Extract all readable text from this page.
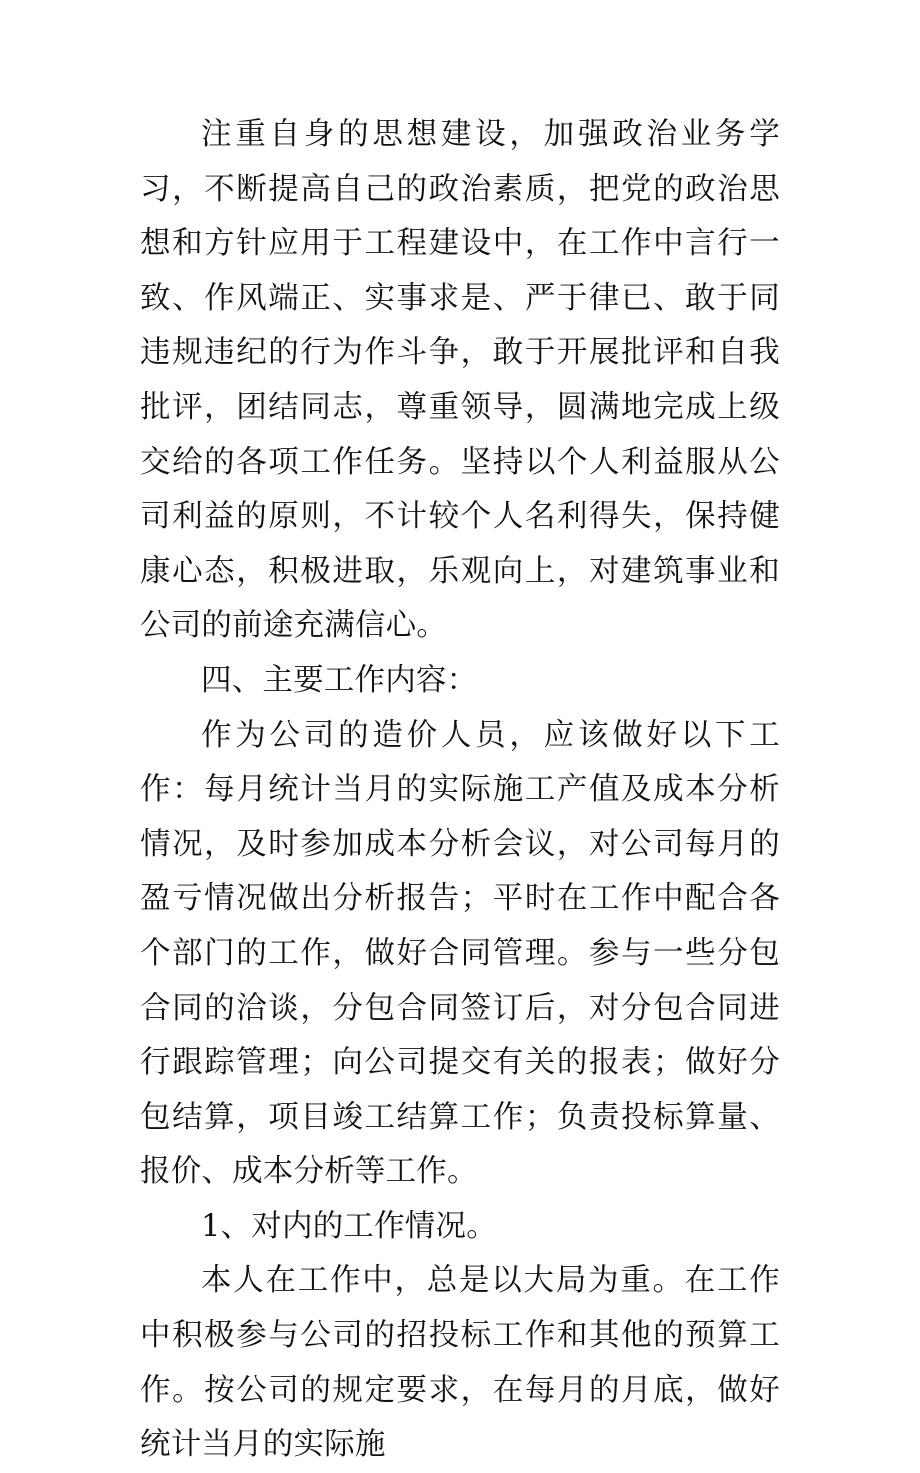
注重自身的思想建设，加强政治业务学习，不断提高自己的政治素质，把党的政治思想和方针应用于工程建设中，在工作中言行一致、作风端正、实事求是、严于律已、敢于同违规违纪的行为作斗争，敢于开展批评和自我批评，团结同志，尊重领导，圆满地完成上级交给的各项工作任务。坚持以个人利益服从公司利益的原则，不计较个人名利得失，保持健康心态，积极进取，乐观向上，对建筑事业和公司的前途充满信心。

四、主要工作内容：

作为公司的造价人员，应该做好以下工作：每月统计当月的实际施工产值及成本分析情况，及时参加成本分析会议，对公司每月的盈亏情况做出分析报告；平时在工作中配合各个部门的工作，做好合同管理。参与一些分包合同的洽谈，分包合同签订后，对分包合同进行跟踪管理；向公司提交有关的报表；做好分包结算，项目竣工结算工作；负责投标算量、报价、成本分析等工作。

1、对内的工作情况。

本人在工作中，总是以大局为重。在工作中积极参与公司的招投标工作和其他的预算工作。按公司的规定要求，在每月的月底，做好统计当月的实际施
